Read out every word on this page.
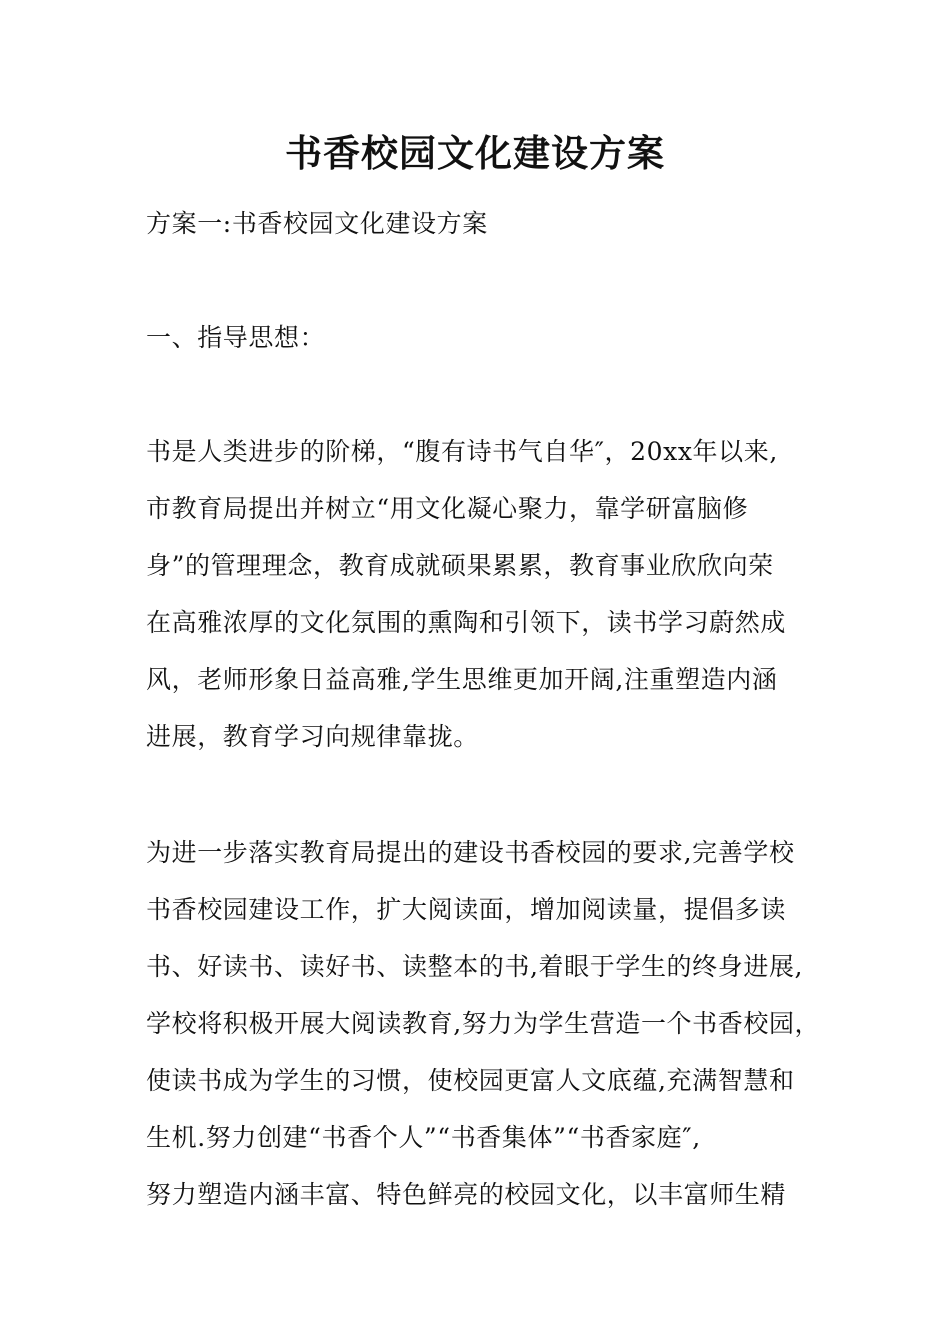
书香校园文化建设方案
方案一:书香校园文化建设方案
一、指导思想：
书是人类进步的阶梯，“腹有诗书气自华″，20xx年以来,
市教育局提出并树立“用文化凝心聚力，靠学研富脑修
身”的管理理念，教育成就硕果累累，教育事业欣欣向荣
在高雅浓厚的文化氛围的熏陶和引领下，读书学习蔚然成
风，老师形象日益高雅,学生思维更加开阔,注重塑造内涵
进展，教育学习向规律靠拢。
为进一步落实教育局提出的建设书香校园的要求,完善学校
书香校园建设工作，扩大阅读面，增加阅读量，提倡多读
书、好读书、读好书、读整本的书,着眼于学生的终身进展,
学校将积极开展大阅读教育,努力为学生营造一个书香校园，
使读书成为学生的习惯，使校园更富人文底蕴,充满智慧和
生机.努力创建“书香个人”“书香集体”“书香家庭″,
努力塑造内涵丰富、特色鲜亮的校园文化，以丰富师生精
